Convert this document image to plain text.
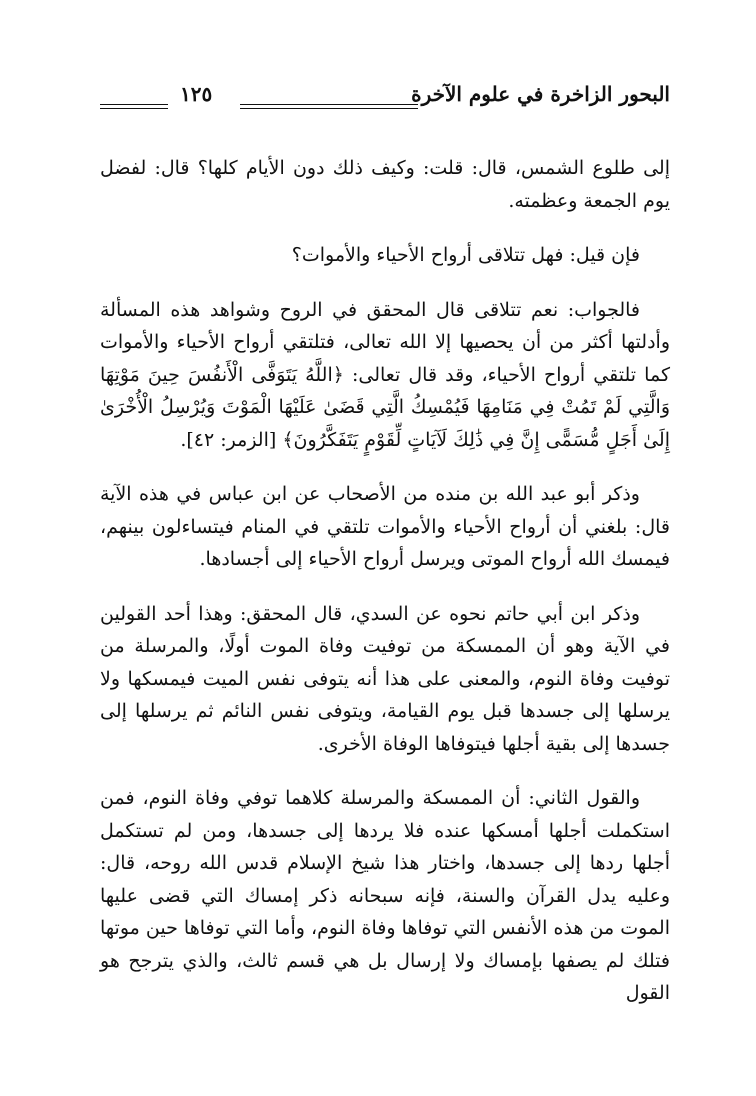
البحور الزاخرة في علوم الآخرة
١٢٥

إلى طلوع الشمس، قال: قلت: وكيف ذلك دون الأيام كلها؟ قال: لفضل يوم الجمعة وعظمته.

فإن قيل: فهل تتلاقى أرواح الأحياء والأموات؟

فالجواب: نعم تتلاقى قال المحقق في الروح وشواهد هذه المسألة وأدلتها أكثر من أن يحصيها إلا الله تعالى، فتلتقي أرواح الأحياء والأموات كما تلتقي أرواح الأحياء، وقد قال تعالى: ﴿اللَّهُ يَتَوَفَّى الْأَنفُسَ حِينَ مَوْتِهَا وَالَّتِي لَمْ تَمُتْ فِي مَنَامِهَا فَيُمْسِكُ الَّتِي قَضَىٰ عَلَيْهَا الْمَوْتَ وَيُرْسِلُ الْأُخْرَىٰ إِلَىٰ أَجَلٍ مُّسَمًّى إِنَّ فِي ذَٰلِكَ لَآيَاتٍ لِّقَوْمٍ يَتَفَكَّرُونَ﴾ [الزمر: ٤٢].

وذكر أبو عبد الله بن منده من الأصحاب عن ابن عباس في هذه الآية قال: بلغني أن أرواح الأحياء والأموات تلتقي في المنام فيتساءلون بينهم، فيمسك الله أرواح الموتى ويرسل أرواح الأحياء إلى أجسادها.

وذكر ابن أبي حاتم نحوه عن السدي، قال المحقق: وهذا أحد القولين في الآية وهو أن الممسكة من توفيت وفاة الموت أولًا، والمرسلة من توفيت وفاة النوم، والمعنى على هذا أنه يتوفى نفس الميت فيمسكها ولا يرسلها إلى جسدها قبل يوم القيامة، ويتوفى نفس النائم ثم يرسلها إلى جسدها إلى بقية أجلها فيتوفاها الوفاة الأخرى.

والقول الثاني: أن الممسكة والمرسلة كلاهما توفي وفاة النوم، فمن استكملت أجلها أمسكها عنده فلا يردها إلى جسدها، ومن لم تستكمل أجلها ردها إلى جسدها، واختار هذا شيخ الإسلام قدس الله روحه، قال: وعليه يدل القرآن والسنة، فإنه سبحانه ذكر إمساك التي قضى عليها الموت من هذه الأنفس التي توفاها وفاة النوم، وأما التي توفاها حين موتها فتلك لم يصفها بإمساك ولا إرسال بل هي قسم ثالث، والذي يترجح هو القول
